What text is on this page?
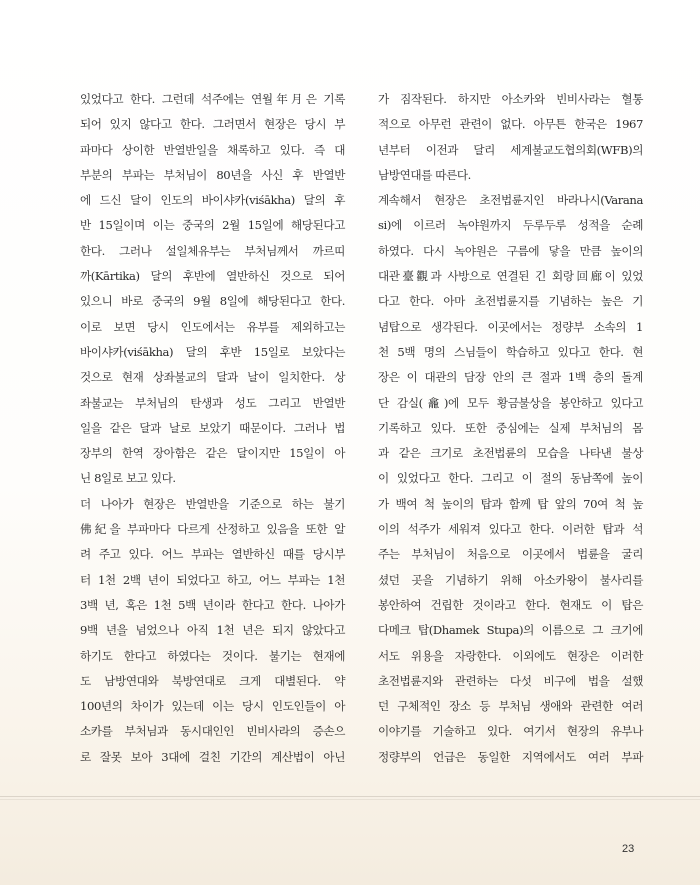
있었다고 한다. 그런데 석주에는 연월年月은 기록
되어 있지 않다고 한다. 그러면서 현장은 당시 부
파마다 상이한 반열반일을 채록하고 있다. 즉 대
부분의 부파는 부처님이 80년을 사신 후 반열반
에 드신 달이 인도의 바이샤카(viśākha) 달의 후
반 15일이며 이는 중국의 2월 15일에 해당된다고
한다. 그러나 설일체유부는 부처님께서 까르띠
까(Kārtika) 달의 후반에 열반하신 것으로 되어
있으니 바로 중국의 9월 8일에 해당된다고 한다.
이로 보면 당시 인도에서는 유부를 제외하고는
바이샤카(viśākha) 달의 후반 15일로 보았다는
것으로 현재 상좌불교의 달과 날이 일치한다. 상
좌불교는 부처님의 탄생과 성도 그리고 반열반
일을 같은 달과 날로 보았기 때문이다. 그러나 법
장부의 한역 장아함은 같은 달이지만 15일이 아
닌 8일로 보고 있다.
더 나아가 현장은 반열반을 기준으로 하는 불기
佛紀을 부파마다 다르게 산정하고 있음을 또한 알
려 주고 있다. 어느 부파는 열반하신 때를 당시부
터 1천 2백 년이 되었다고 하고, 어느 부파는 1천
3백 년, 혹은 1천 5백 년이라 한다고 한다. 나아가
9백 년을 넘었으나 아직 1천 년은 되지 않았다고
하기도 한다고 하였다는 것이다. 불기는 현재에
도 남방연대와 북방연대로 크게 대별된다. 약
100년의 차이가 있는데 이는 당시 인도인들이 아
소카를 부처님과 동시대인인 빈비사라의 증손으
로 잘못 보아 3대에 걸친 기간의 계산법이 아닌
가 짐작된다. 하지만 아소카와 빈비사라는 혈통
적으로 아무런 관련이 없다. 아무튼 한국은 1967
년부터 이전과 달리 세계불교도협의회(WFB)의
남방연대를 따른다.
계속해서 현장은 초전법륜지인 바라나시(Varana
si)에 이르러 녹야원까지 두루두루 성적을 순례
하였다. 다시 녹야원은 구름에 닿을 만큼 높이의
대관臺觀과 사방으로 연결된 긴 회랑回廊이 있었
다고 한다. 아마 초전법륜지를 기념하는 높은 기
념탑으로 생각된다. 이곳에서는 정량부 소속의 1
천 5백 명의 스님들이 학습하고 있다고 한다. 현
장은 이 대관의 담장 안의 큰 절과 1백 층의 돌계
단 감실(龕)에 모두 황금불상을 봉안하고 있다고
기록하고 있다. 또한 중심에는 실제 부처님의 몸
과 같은 크기로 초전법륜의 모습을 나타낸 불상
이 있었다고 한다. 그리고 이 절의 동남쪽에 높이
가 백여 척 높이의 탑과 함께 탑 앞의 70여 척 높
이의 석주가 세워져 있다고 한다. 이러한 탑과 석
주는 부처님이 처음으로 이곳에서 법륜을 굴리
셨던 곳을 기념하기 위해 아소카왕이 불사리를
봉안하여 건립한 것이라고 한다. 현재도 이 탑은
다메크 탑(Dhamek Stupa)의 이름으로 그 크기에
서도 위용을 자랑한다. 이외에도 현장은 이러한
초전법륜지와 관련하는 다섯 비구에 법을 설했
던 구체적인 장소 등 부처님 생애와 관련한 여러
이야기를 기술하고 있다. 여기서 현장의 유부나
정량부의 언급은 동일한 지역에서도 여러 부파
23
